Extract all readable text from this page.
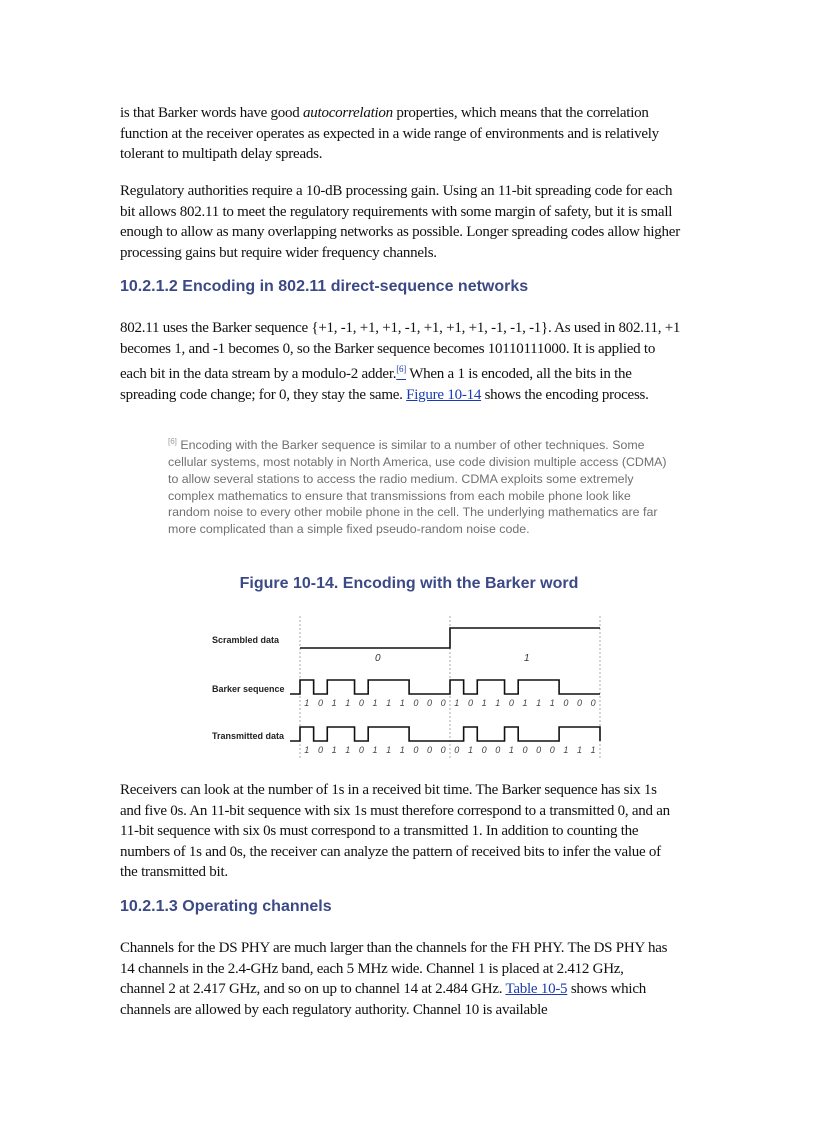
is that Barker words have good autocorrelation properties, which means that the correlation function at the receiver operates as expected in a wide range of environments and is relatively tolerant to multipath delay spreads.

Regulatory authorities require a 10-dB processing gain. Using an 11-bit spreading code for each bit allows 802.11 to meet the regulatory requirements with some margin of safety, but it is small enough to allow as many overlapping networks as possible. Longer spreading codes allow higher processing gains but require wider frequency channels.

10.2.1.2 Encoding in 802.11 direct-sequence networks

802.11 uses the Barker sequence {+1, -1, +1, +1, -1, +1, +1, +1, -1, -1, -1}. As used in 802.11, +1 becomes 1, and -1 becomes 0, so the Barker sequence becomes 10110111000. It is applied to each bit in the data stream by a modulo-2 adder.[6] When a 1 is encoded, all the bits in the spreading code change; for 0, they stay the same. Figure 10-14 shows the encoding process.

[6] Encoding with the Barker sequence is similar to a number of other techniques. Some cellular systems, most notably in North America, use code division multiple access (CDMA) to allow several stations to access the radio medium. CDMA exploits some extremely complex mathematics to ensure that transmissions from each mobile phone look like random noise to every other mobile phone in the cell. The underlying mathematics are far more complicated than a simple fixed pseudo-random noise code.
Figure 10-14. Encoding with the Barker word
Scrambled data
Barker sequence
Transmitted data
0	1
1 0 1 1 0 1 1 1 0 0 0 1 0 1 1 0 1 1 1 0 0 0
1 0 1 1 0 1 1 1 0 0 0 0 1 0 0 1 0 0 0 1 1 1

Receivers can look at the number of 1s in a received bit time. The Barker sequence has six 1s and five 0s. An 11-bit sequence with six 1s must therefore correspond to a transmitted 0, and an 11-bit sequence with six 0s must correspond to a transmitted 1. In addition to counting the numbers of 1s and 0s, the receiver can analyze the pattern of received bits to infer the value of the transmitted bit.

10.2.1.3 Operating channels

Channels for the DS PHY are much larger than the channels for the FH PHY. The DS PHY has 14 channels in the 2.4-GHz band, each 5 MHz wide. Channel 1 is placed at 2.412 GHz, channel 2 at 2.417 GHz, and so on up to channel 14 at 2.484 GHz. Table 10-5 shows which channels are allowed by each regulatory authority. Channel 10 is available
